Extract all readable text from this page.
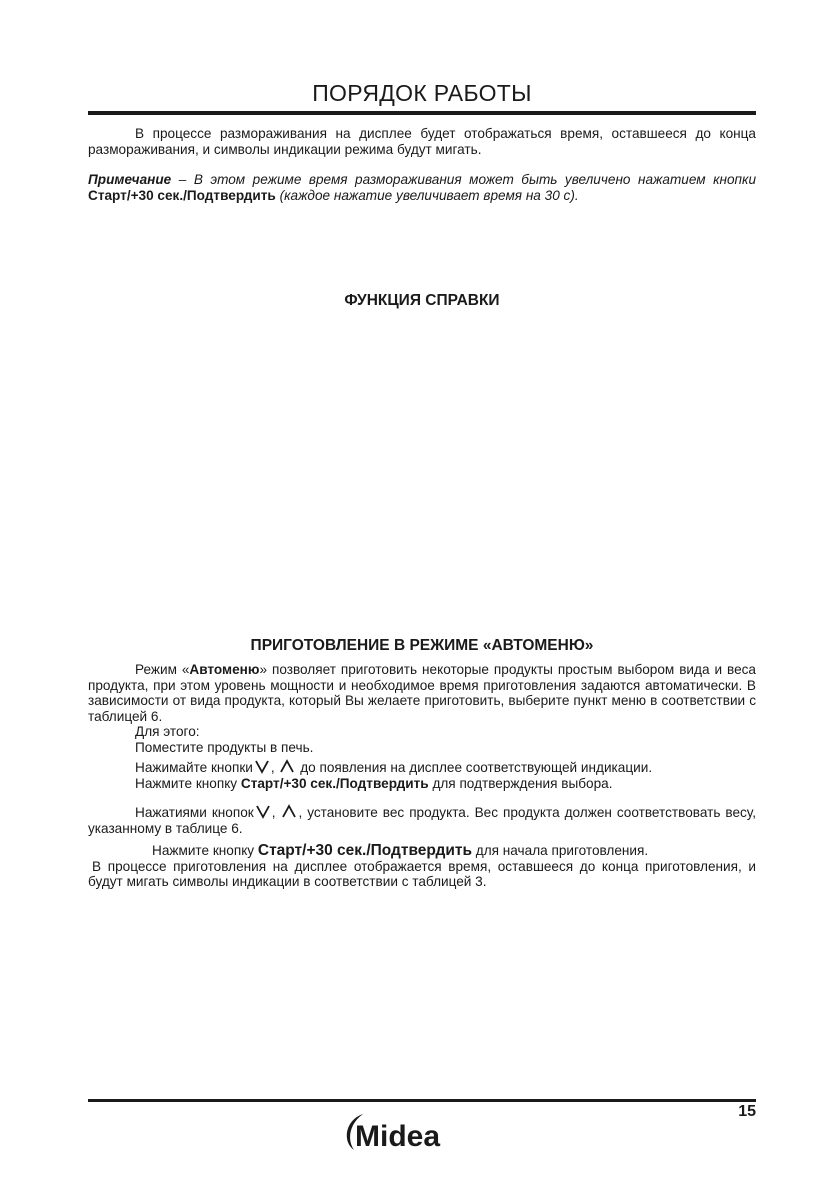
ПОРЯДОК РАБОТЫ

В процессе размораживания на дисплее будет отображаться время, оставшееся до конца размораживания, и символы индикации режима будут мигать.

Примечание – В этом режиме время размораживания может быть увеличено нажатием кнопки Старт/+30 сек./Подтвердить (каждое нажатие увеличивает время на 30 с).

ФУНКЦИЯ СПРАВКИ
ПРИГОТОВЛЕНИЕ В РЕЖИМЕ «АВТОМЕНЮ»

Режим «Автоменю» позволяет приготовить некоторые продукты простым выбором вида и веса продукта, при этом уровень мощности и необходимое время приготовления задаются автоматически. В зависимости от вида продукта, который Вы желаете приготовить, выберите пункт меню в соответствии с таблицей 6.

Для этого:

Поместите продукты в печь.

Нажимайте кнопки , до появления на дисплее соответствующей индикации.

Нажмите кнопку Старт/+30 сек./Подтвердить для подтверждения выбора.

Нажатиями кнопок , , установите вес продукта. Вес продукта должен соответствовать весу, указанному в таблице 6.

Нажмите кнопку Старт/+30 сек./Подтвердить для начала приготовления.

В процессе приготовления на дисплее отображается время, оставшееся до конца приготовления, и будут мигать символы индикации в соответствии с таблицей 3.

15
Midea
